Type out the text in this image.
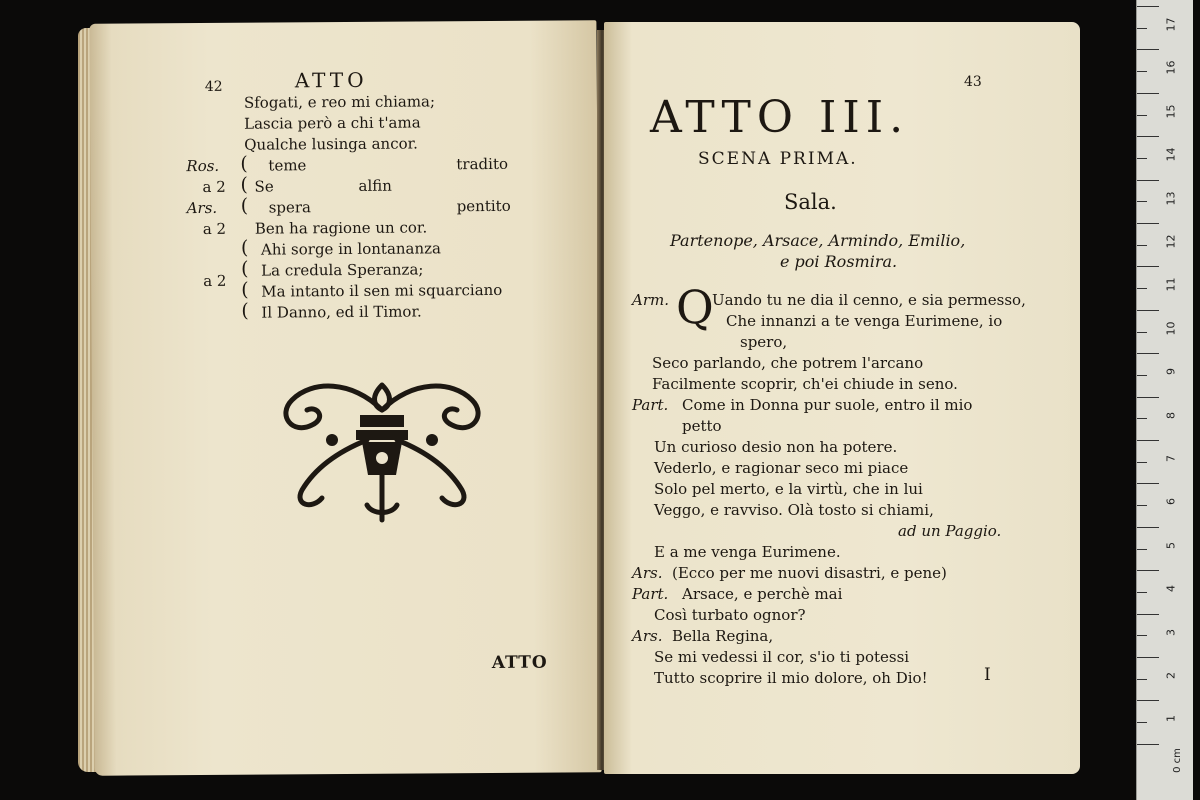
42	ATTO
Sfogati, e reo mi chiama;
Lascia però a chi t'ama
Qualche lusinga ancor.
Ros. ( teme	tradito
a 2 ( Se	alfin
Ars. ( spera	pentito
a 2 Ben ha ragione un cor.
( Ahi sorge in lontananza
( La credula Speranza;
a 2 ( Ma intanto il sen mi squarciano
( Il Danno, ed il Timor.
ATTO
43
ATTO III.
SCENA PRIMA.
Sala.
Partenope, Arsace, Armindo, Emilio,
e poi Rosmira.
Arm. Q
Uando tu ne dia il cenno, e sia permesso,
Che innanzi a te venga Eurimene, io
spero,
Seco parlando, che potrem l'arcano
Facilmente scoprir, ch'ei chiude in seno.
Part. Come in Donna pur suole, entro il mio
petto
Un curioso desio non ha potere.
Vederlo, e ragionar seco mi piace
Solo pel merto, e la virtù, che in lui
Veggo, e ravviso. Olà tosto si chiami,
ad un Paggio.
E a me venga Eurimene.
Ars. (Ecco per me nuovi disastri, e pene)
Part. Arsace, e perchè mai
Così turbato ognor?
Ars. Bella Regina,
Se mi vedessi il cor, s'io ti potessi
Tutto scoprire il mio dolore, oh Dio!	I
0 cm
17
16
15
14
13
12
11
10
9
8
7
6
5
4
3
2
1
